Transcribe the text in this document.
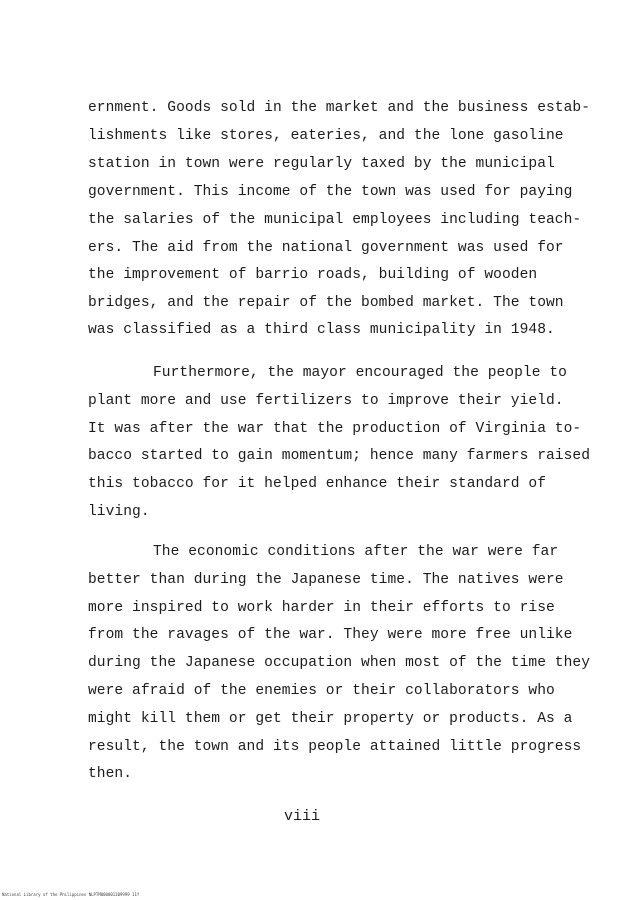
ernment. Goods sold in the market and the business estab-
lishments like stores, eateries, and the lone gasoline
station in town were regularly taxed by the municipal
government. This income of the town was used for paying
the salaries of the municipal employees including teach-
ers. The aid from the national government was used for
the improvement of barrio roads, building of wooden
bridges, and the repair of the bombed market. The town
was classified as a third class municipality in 1948.
Furthermore, the mayor encouraged the people to
plant more and use fertilizers to improve their yield.
It was after the war that the production of Virginia to-
bacco started to gain momentum; hence many farmers raised
this tobacco for it helped enhance their standard of
living.
The economic conditions after the war were far
better than during the Japanese time. The natives were
more inspired to work harder in their efforts to rise
from the ravages of the war. They were more free unlike
during the Japanese occupation when most of the time they
were afraid of the enemies or their collaborators who
might kill them or get their property or products. As a
result, the town and its people attained little progress
then.
viii
National Library of the Philippines NLPTM000001109999 11f
